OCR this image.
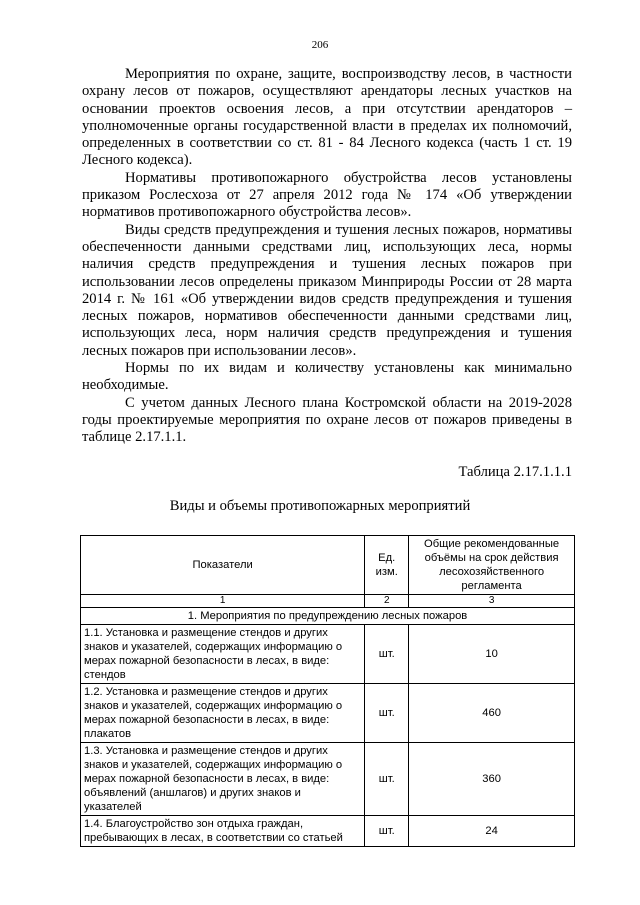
206

Мероприятия по охране, защите, воспроизводству лесов, в частности охрану лесов от пожаров, осуществляют арендаторы лесных участков на основании проектов освоения лесов, а при отсутствии арендаторов – уполномоченные органы государственной власти в пределах их полномочий, определенных в соответствии со ст. 81 - 84 Лесного кодекса (часть 1 ст. 19 Лесного кодекса).

Нормативы противопожарного обустройства лесов установлены приказом Рослесхоза от 27 апреля 2012 года № 174 «Об утверждении нормативов противопожарного обустройства лесов».

Виды средств предупреждения и тушения лесных пожаров, нормативы обеспеченности данными средствами лиц, использующих леса, нормы наличия средств предупреждения и тушения лесных пожаров при использовании лесов определены приказом Минприроды России от 28 марта 2014 г. № 161 «Об утверждении видов средств предупреждения и тушения лесных пожаров, нормативов обеспеченности данными средствами лиц, использующих леса, норм наличия средств предупреждения и тушения лесных пожаров при использовании лесов».

Нормы по их видам и количеству установлены как минимально необходимые.

С учетом данных Лесного плана Костромской области на 2019-2028 годы проектируемые мероприятия по охране лесов от пожаров приведены в таблице 2.17.1.1.

Таблица 2.17.1.1.1
Виды и объемы противопожарных мероприятий
Показатели	Ед. изм.	Общие рекомендованные объёмы на срок действия лесохозяйственного регламента
1	2	3
1. Мероприятия по предупреждению лесных пожаров		
1.1. Установка и размещение стендов и других знаков и указателей, содержащих информацию о мерах пожарной безопасности в лесах, в виде: стендов	шт.	10
1.2. Установка и размещение стендов и других знаков и указателей, содержащих информацию о мерах пожарной безопасности в лесах, в виде: плакатов	шт.	460
1.3. Установка и размещение стендов и других знаков и указателей, содержащих информацию о мерах пожарной безопасности в лесах, в виде: объявлений (аншлагов) и других знаков и указателей	шт.	360
1.4. Благоустройство зон отдыха граждан, пребывающих в лесах, в соответствии со статьей	шт.	24
